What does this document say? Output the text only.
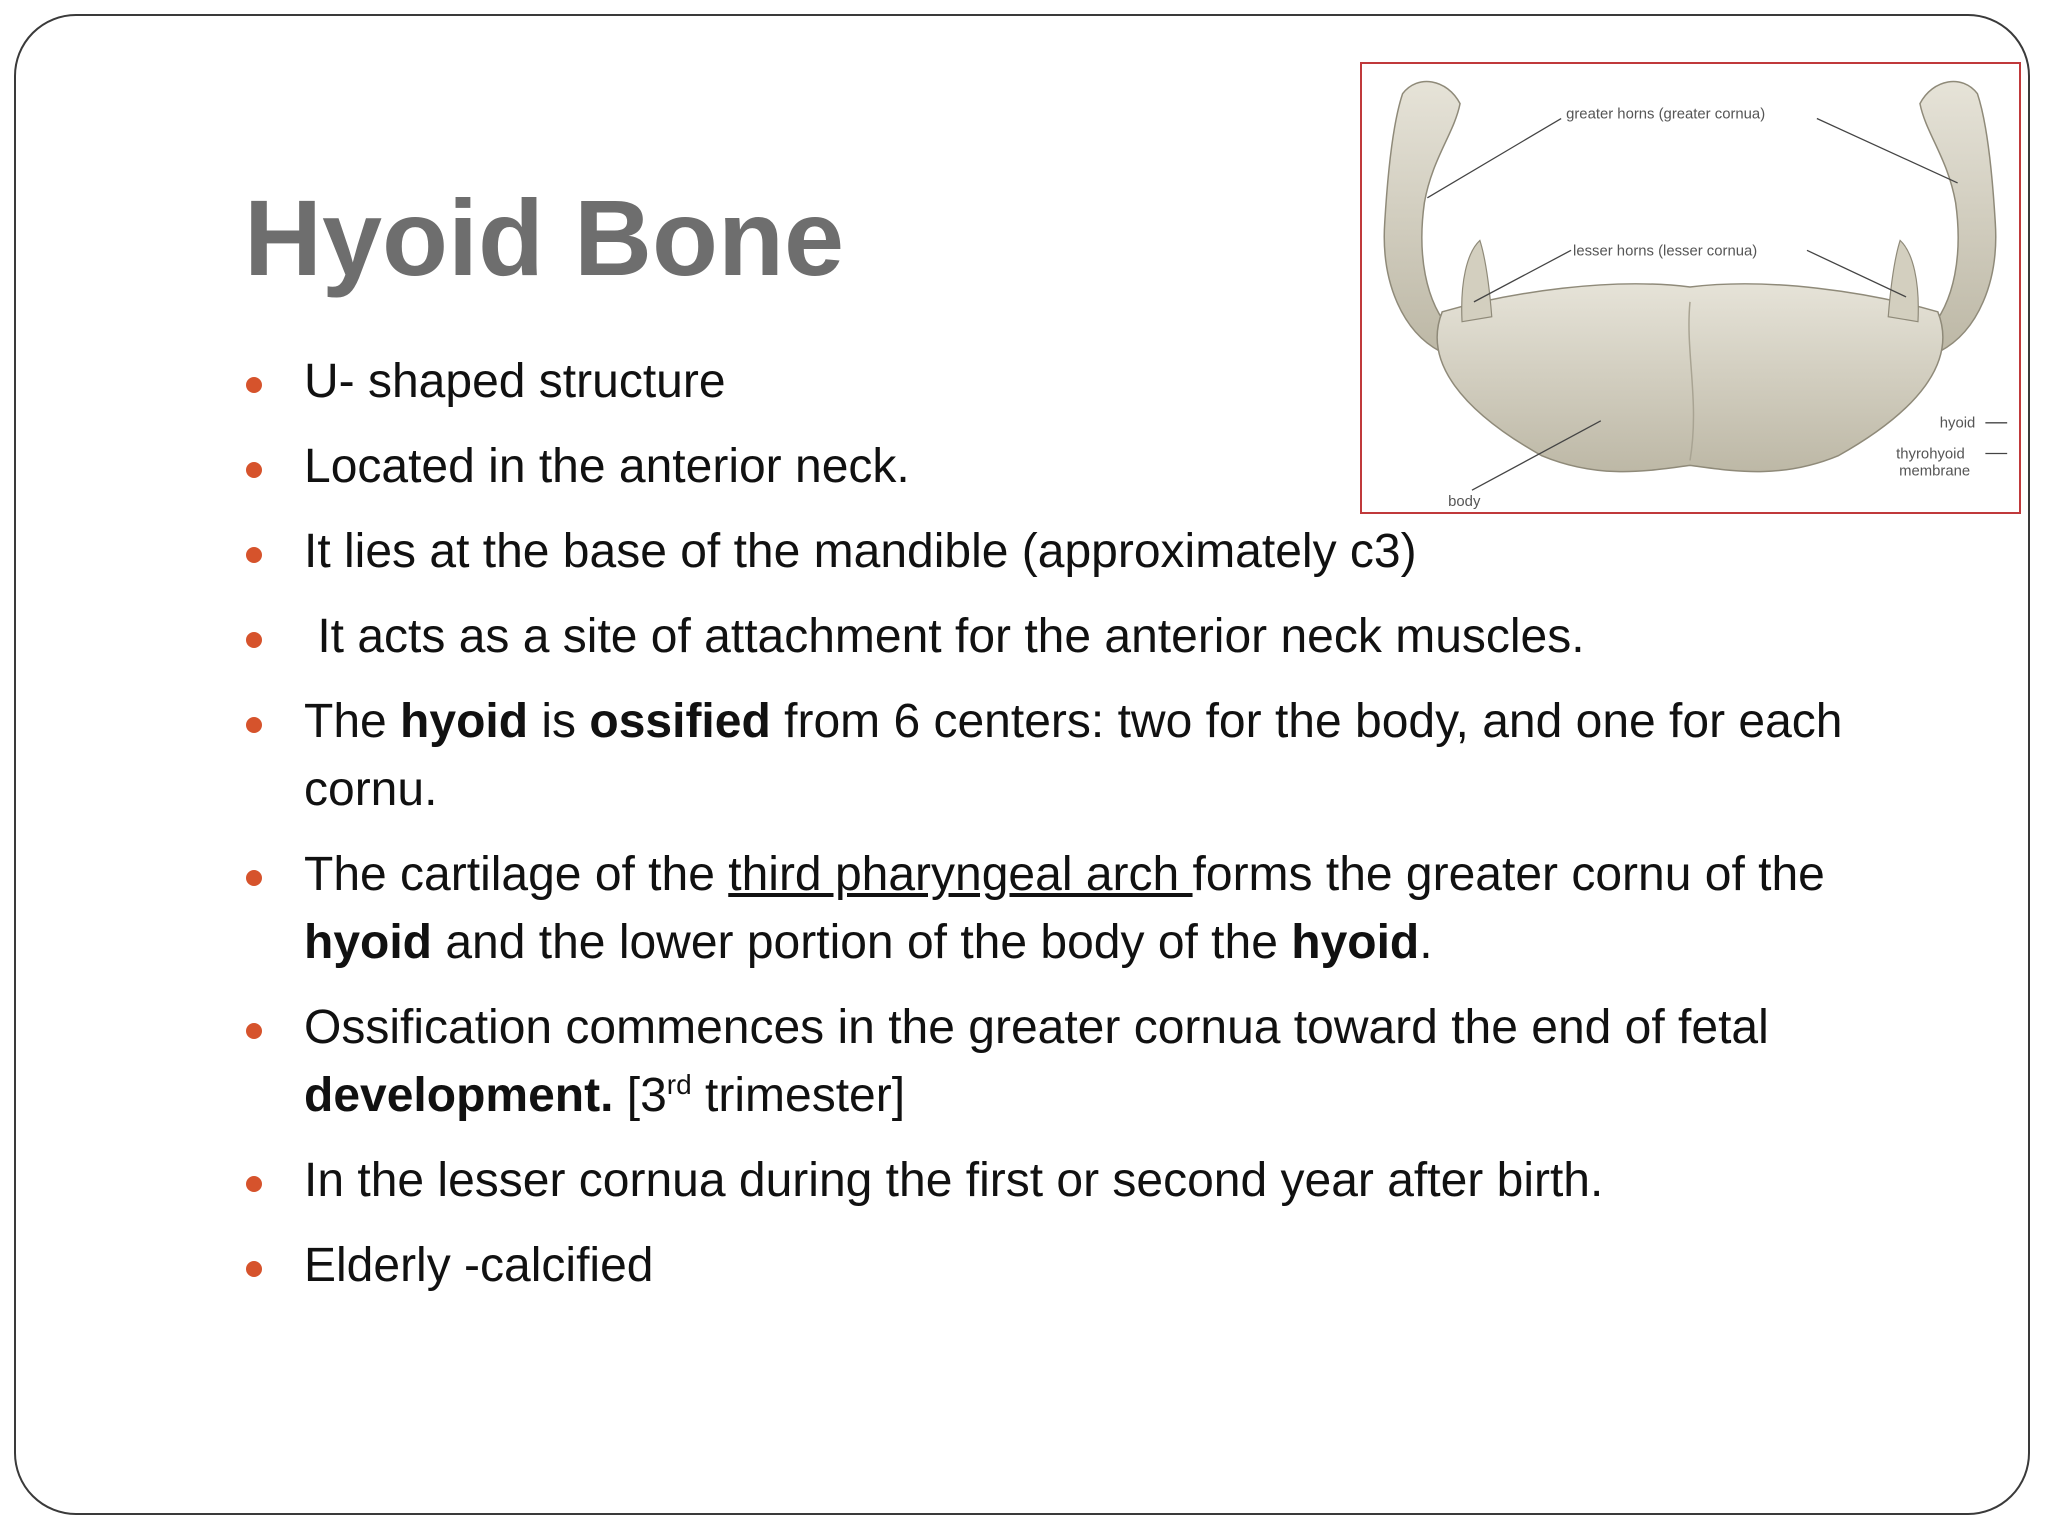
Hyoid Bone
greater horns (greater cornua)
lesser horns (lesser cornua)
hyoid
thyrohyoid
membrane
body
U- shaped structure
Located in the anterior neck.
It lies at the base of the mandible (approximately c3)
It acts as a site of attachment for the anterior neck muscles.
The hyoid is ossified from 6 centers: two for the body, and one for each cornu.
The cartilage of the third pharyngeal arch forms the greater cornu of the hyoid and the lower portion of the body of the hyoid.
Ossification commences in the greater cornua toward the end of fetal development. [3rd trimester]
In the lesser cornua during the first or second year after birth.
Elderly -calcified
